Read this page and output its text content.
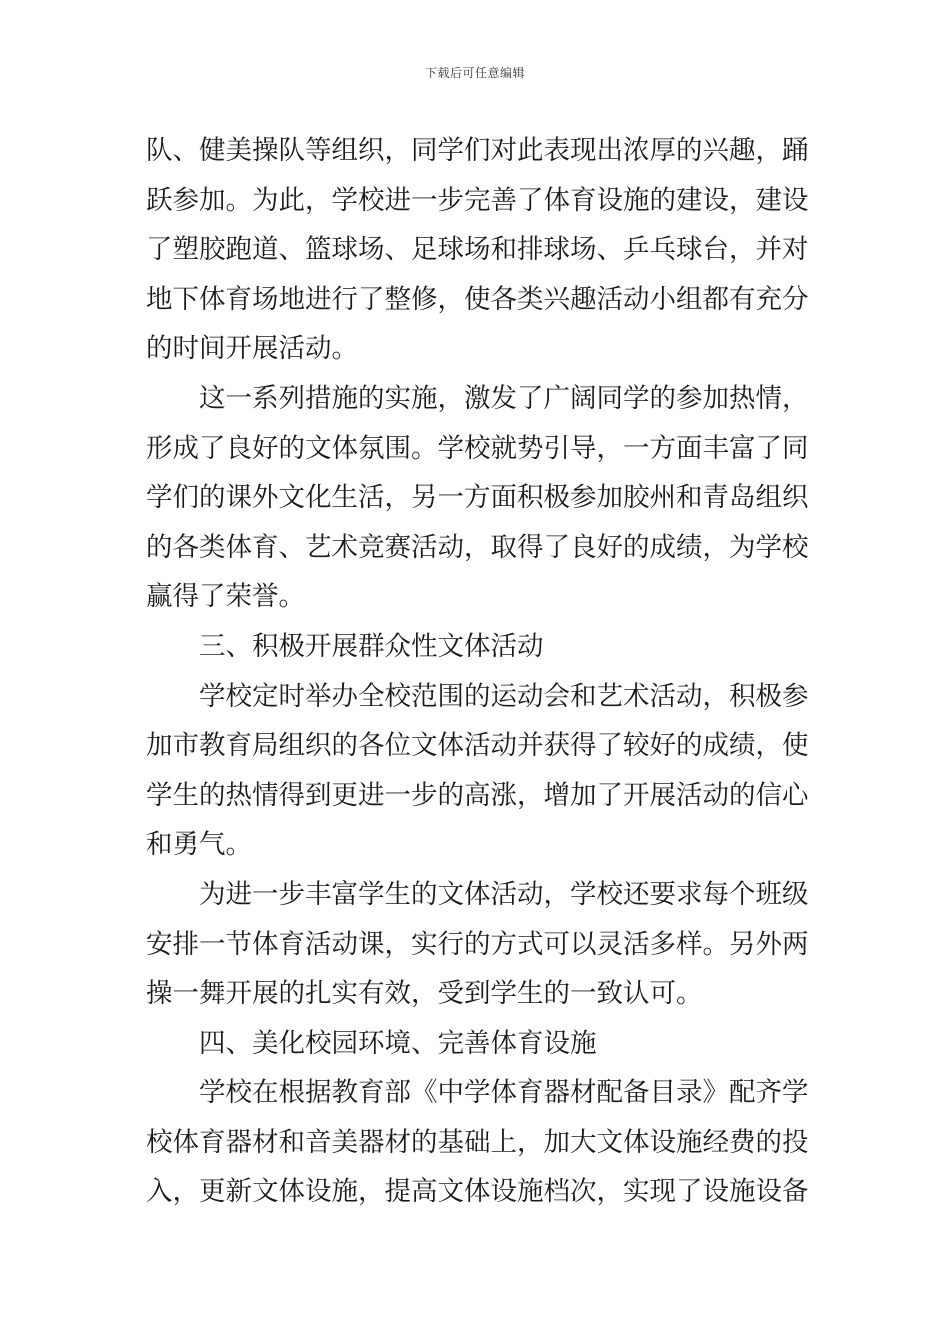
下载后可任意编辑
队、健美操队等组织，同学们对此表现出浓厚的兴趣，踊
跃参加。为此，学校进一步完善了体育设施的建设，建设
了塑胶跑道、篮球场、足球场和排球场、乒乓球台，并对
地下体育场地进行了整修，使各类兴趣活动小组都有充分
的时间开展活动。
这一系列措施的实施，激发了广阔同学的参加热情，
形成了良好的文体氛围。学校就势引导，一方面丰富了同
学们的课外文化生活，另一方面积极参加胶州和青岛组织
的各类体育、艺术竞赛活动，取得了良好的成绩，为学校
赢得了荣誉。
三、积极开展群众性文体活动
学校定时举办全校范围的运动会和艺术活动，积极参
加市教育局组织的各位文体活动并获得了较好的成绩，使
学生的热情得到更进一步的高涨，增加了开展活动的信心
和勇气。
为进一步丰富学生的文体活动，学校还要求每个班级
安排一节体育活动课，实行的方式可以灵活多样。另外两
操一舞开展的扎实有效，受到学生的一致认可。
四、美化校园环境、完善体育设施
学校在根据教育部《中学体育器材配备目录》配齐学
校体育器材和音美器材的基础上，加大文体设施经费的投
入，更新文体设施，提高文体设施档次，实现了设施设备
